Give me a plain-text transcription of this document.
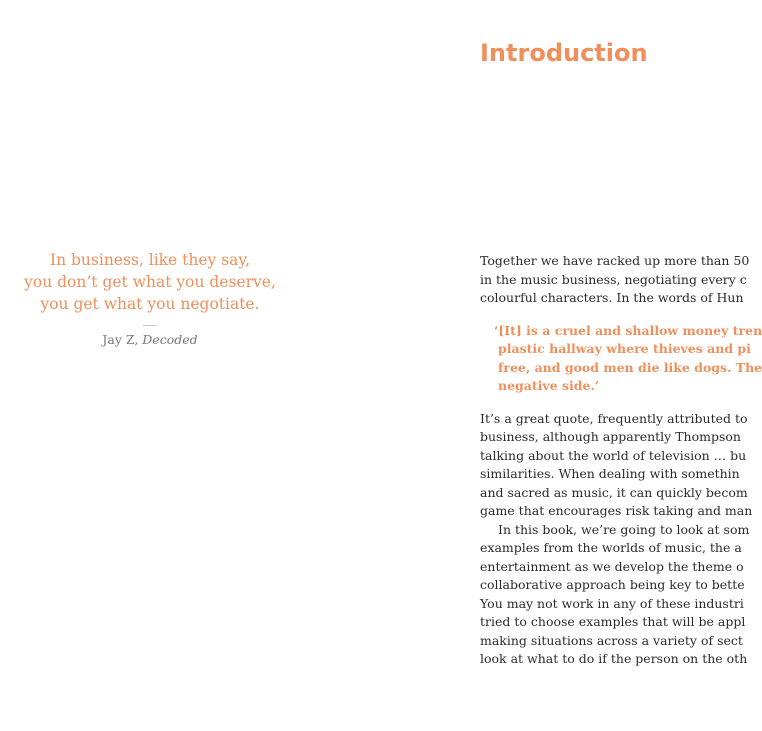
In business, like they say,
you don’t get what you deserve,
you get what you negotiate.
Jay Z, Decoded
Introduction
Together we have racked up more than 50
in the music business, negotiating every c
colourful characters. In the words of Hun
‘[It] is a cruel and shallow money tren
plastic hallway where thieves and pi
free, and good men die like dogs. The
negative side.’
It’s a great quote, frequently attributed to
business, although apparently Thompson
talking about the world of television … bu
similarities. When dealing with somethin
and sacred as music, it can quickly becom
game that encourages risk taking and man
In this book, we’re going to look at som
examples from the worlds of music, the a
entertainment as we develop the theme o
collaborative approach being key to bette
You may not work in any of these industri
tried to choose examples that will be appl
making situations across a variety of sect
look at what to do if the person on the oth
